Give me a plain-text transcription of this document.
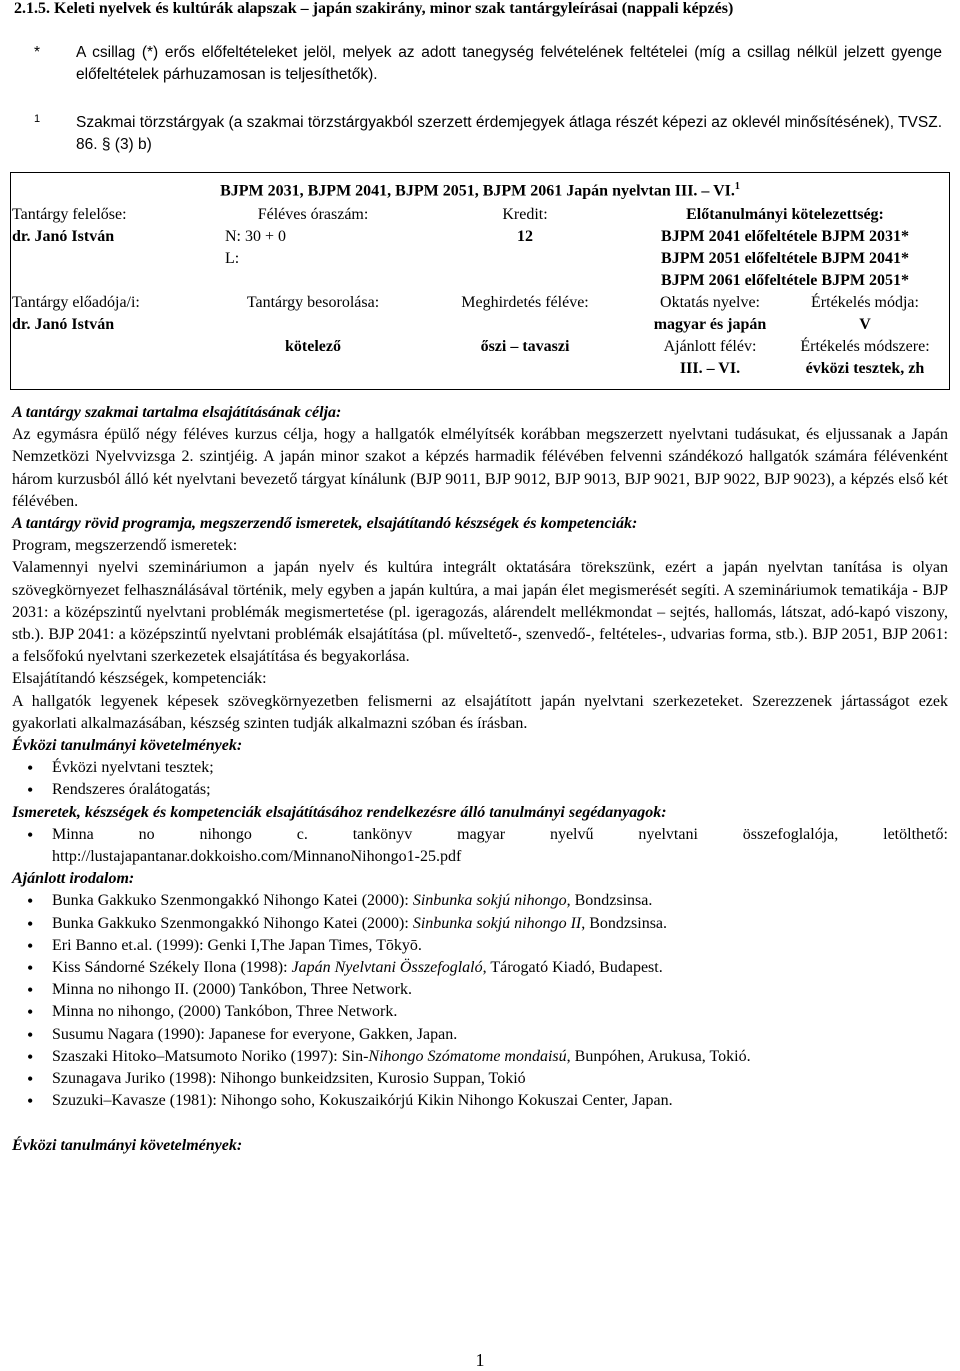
2.1.5. Keleti nyelvek és kultúrák alapszak – japán szakirány, minor szak tantárgyleírásai (nappali képzés)
* A csillag (*) erős előfeltételeket jelöl, melyek az adott tanegység felvételének feltételei (míg a csillag nélkül jelzett gyenge előfeltételek párhuzamosan is teljesíthetők).
1 Szakmai törzstárgyak (a szakmai törzstárgyakból szerzett érdemjegyek átlaga részét képezi az oklevél minősítésének), TVSZ. 86. § (3) b)
BJPM 2031, BJPM 2041, BJPM 2051, BJPM 2061 Japán nyelvtan III. – VI.$^1$
Tantárgy felelőse:
dr. Janó István
Tantárgy előadója/i:
dr. Janó István
Féléves óraszám:
N: 30 + 0
L:
Tantárgy besorolása:
kötelező
Kredit:
12
Meghirdetés féléve:
őszi – tavaszi
Előtanulmányi kötelezettség:
BJPM 2041 előfeltétele BJPM 2031*
BJPM 2051 előfeltétele BJPM 2041*
BJPM 2061 előfeltétele BJPM 2051*
Oktatás nyelve:
magyar és japán
Ajánlott félév:
III. – VI.
Értékelés módja:
V
Értékelés módszere:
évközi tesztek, zh
A tantárgy szakmai tartalma elsajátításának célja:
Az egymásra épülő négy féléves kurzus célja, hogy a hallgatók elmélyítsék korábban megszerzett nyelvtani tudásukat, és eljussanak a Japán Nemzetközi Nyelvvizsga 2. szintjéig. A japán minor szakot a képzés harmadik félévében felvenni szándékozó hallgatók számára félévenként három kurzusból álló két nyelvtani bevezető tárgyat kínálunk (BJP 9011, BJP 9012, BJP 9013, BJP 9021, BJP 9022, BJP 9023), a képzés első két félévében.
A tantárgy rövid programja, megszerzendő ismeretek, elsajátítandó készségek és kompetenciák:
Program, megszerzendő ismeretek:
Valamennyi nyelvi szemináriumon a japán nyelv és kultúra integrált oktatására törekszünk, ezért a japán nyelvtan tanítása is olyan szövegkörnyezet felhasználásával történik, mely egyben a japán kultúra, a mai japán élet megismerését segíti. A szemináriumok tematikája - BJP 2031: a középszintű nyelvtani problémák megismertetése (pl. igeragozás, alárendelt mellékmondat – sejtés, hallomás, látszat, adó-kapó viszony, stb.). BJP 2041: a középszintű nyelvtani problémák elsajátítása (pl. műveltető-, szenvedő-, feltételes-, udvarias forma, stb.). BJP 2051, BJP 2061: a felsőfokú nyelvtani szerkezetek elsajátítása és begyakorlása.
Elsajátítandó készségek, kompetenciák:
A hallgatók legyenek képesek szövegkörnyezetben felismerni az elsajátított japán nyelvtani szerkezeteket. Szerezzenek jártasságot ezek gyakorlati alkalmazásában, készség szinten tudják alkalmazni szóban és írásban.
Évközi tanulmányi követelmények:
• Évközi nyelvtani tesztek;
• Rendszeres óralátogatás;
Ismeretek, készségek és kompetenciák elsajátításához rendelkezésre álló tanulmányi segédanyagok:
• Minna no nihongo c. tankönyv magyar nyelvű nyelvtani összefoglalója, letölthető: http://lustajapantanar.dokkoisho.com/MinnanoNihongo1-25.pdf
Ajánlott irodalom:
• Bunka Gakkuko Szenmongakkó Nihongo Katei (2000): Sinbunka sokjú nihongo, Bondzsinsa.
• Bunka Gakkuko Szenmongakkó Nihongo Katei (2000): Sinbunka sokjú nihongo II, Bondzsinsa.
• Eri Banno et.al. (1999): Genki I,The Japan Times, Tōkyō.
• Kiss Sándorné Székely Ilona (1998): Japán Nyelvtani Összefoglaló, Tárogató Kiadó, Budapest.
• Minna no nihongo II. (2000) Tankóbon, Three Network.
• Minna no nihongo, (2000) Tankóbon, Three Network.
• Susumu Nagara (1990): Japanese for everyone, Gakken, Japan.
• Szaszaki Hitoko–Matsumoto Noriko (1997): Sin-Nihongo Szómatome mondaisú, Bunpóhen, Arukusa, Tokió.
• Szunagava Juriko (1998): Nihongo bunkeidzsiten, Kurosio Suppan, Tokió
• Szuzuki–Kavasze (1981): Nihongo soho, Kokuszaikórjú Kikin Nihongo Kokuszai Center, Japan.
Évközi tanulmányi követelmények:
1
